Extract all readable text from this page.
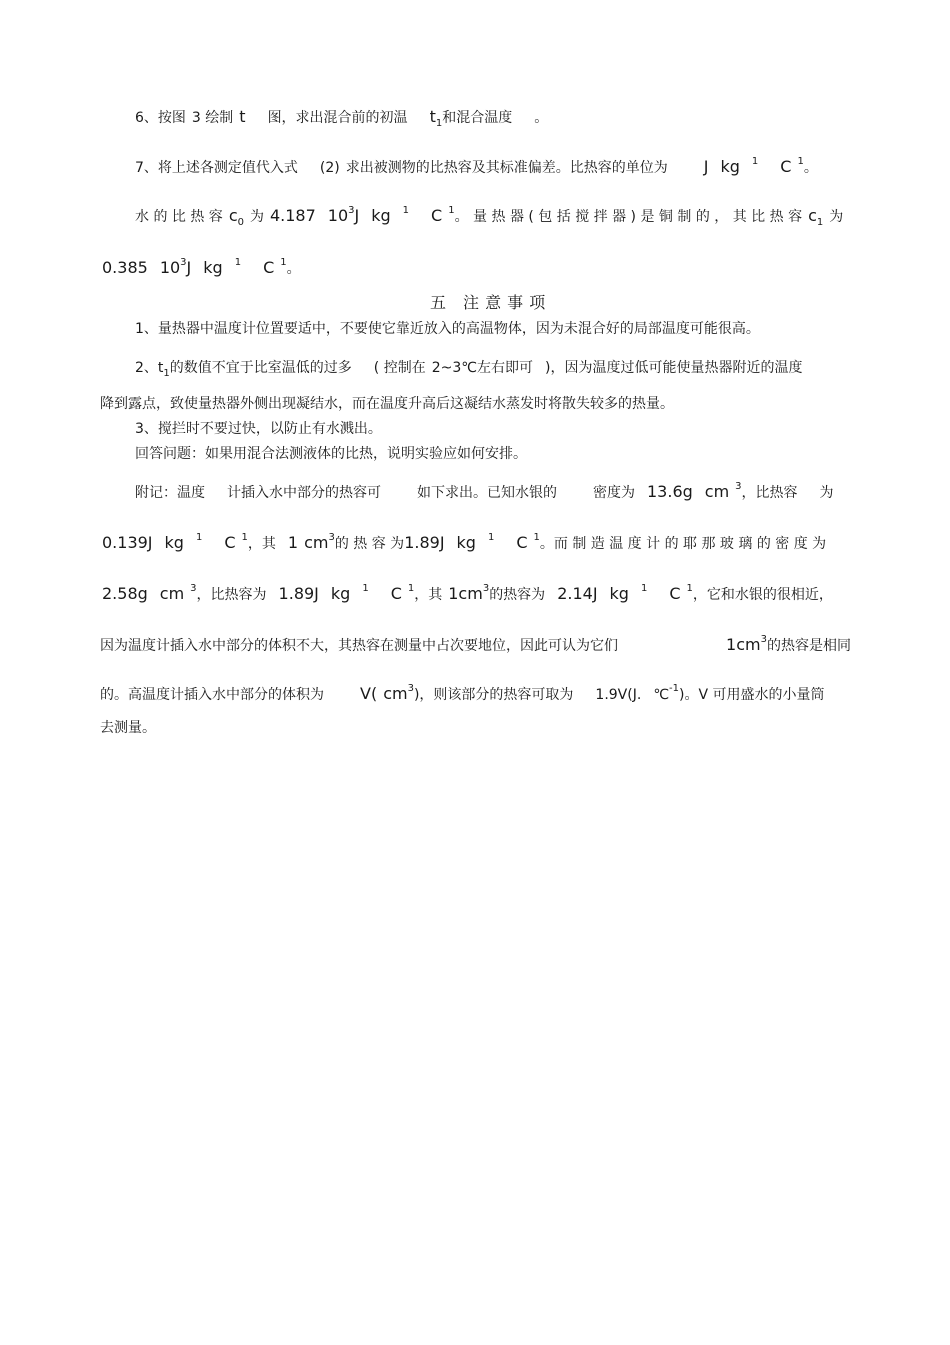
6、按图 3 绘制 t 图，求出混合前的初温 $t_1$和混合温度 。
7、将上述各测定值代入式 (2) 求出被测物的比热容及其标准偏差。比热容的单位为 J kg $^1$ C $^1$。
水 的 比 热 容 $c_0$ 为 4.187 $10^3J$ kg $^1$ C $^1$。 量 热 器 ( 包 括 搅 拌 器 ) 是 铜 制 的 ， 其 比 热 容 $c_1$ 为
0.385 $10^3J$ kg $^1$ C $^1$。
五　注 意 事 项
1、量热器中温度计位置要适中，不要使它靠近放入的高温物体，因为未混合好的局部温度可能很高。
2、$t_1$的数值不宜于比室温低的过多 ( 控制在 2~3℃左右即可 )，因为温度过低可能使量热器附近的温度
降到露点，致使量热器外侧出现凝结水，而在温度升高后这凝结水蒸发时将散失较多的热量。
3、搅拦时不要过快，以防止有水溅出。
回答问题：如果用混合法测液体的比热，说明实验应如何安排。
附记：温度 计插入水中部分的热容可	如下求出。已知水银的	密度为 13.6g cm $^3$，比热容 为
0.139J kg $^1$ C $^1$，其 1 $cm^3$的 热 容 为1.89J kg $^1$ C $^1$。而 制 造 温 度 计 的 耶 那 玻 璃 的 密 度 为
2.58g cm $^3$，比热容为 1.89J kg $^1$ C $^1$，其 $1cm^3$的热容为 2.14J kg $^1$ C $^1$，它和水银的很相近，
因为温度计插入水中部分的体积不大，其热容在测量中占次要地位，因此可认为它们	$1cm^3$的热容是相同
的。高温度计插入水中部分的体积为 V( $cm^3$)，则该部分的热容可取为 1.9V(J. ℃$^{-1}$)。V 可用盛水的小量筒
去测量。
